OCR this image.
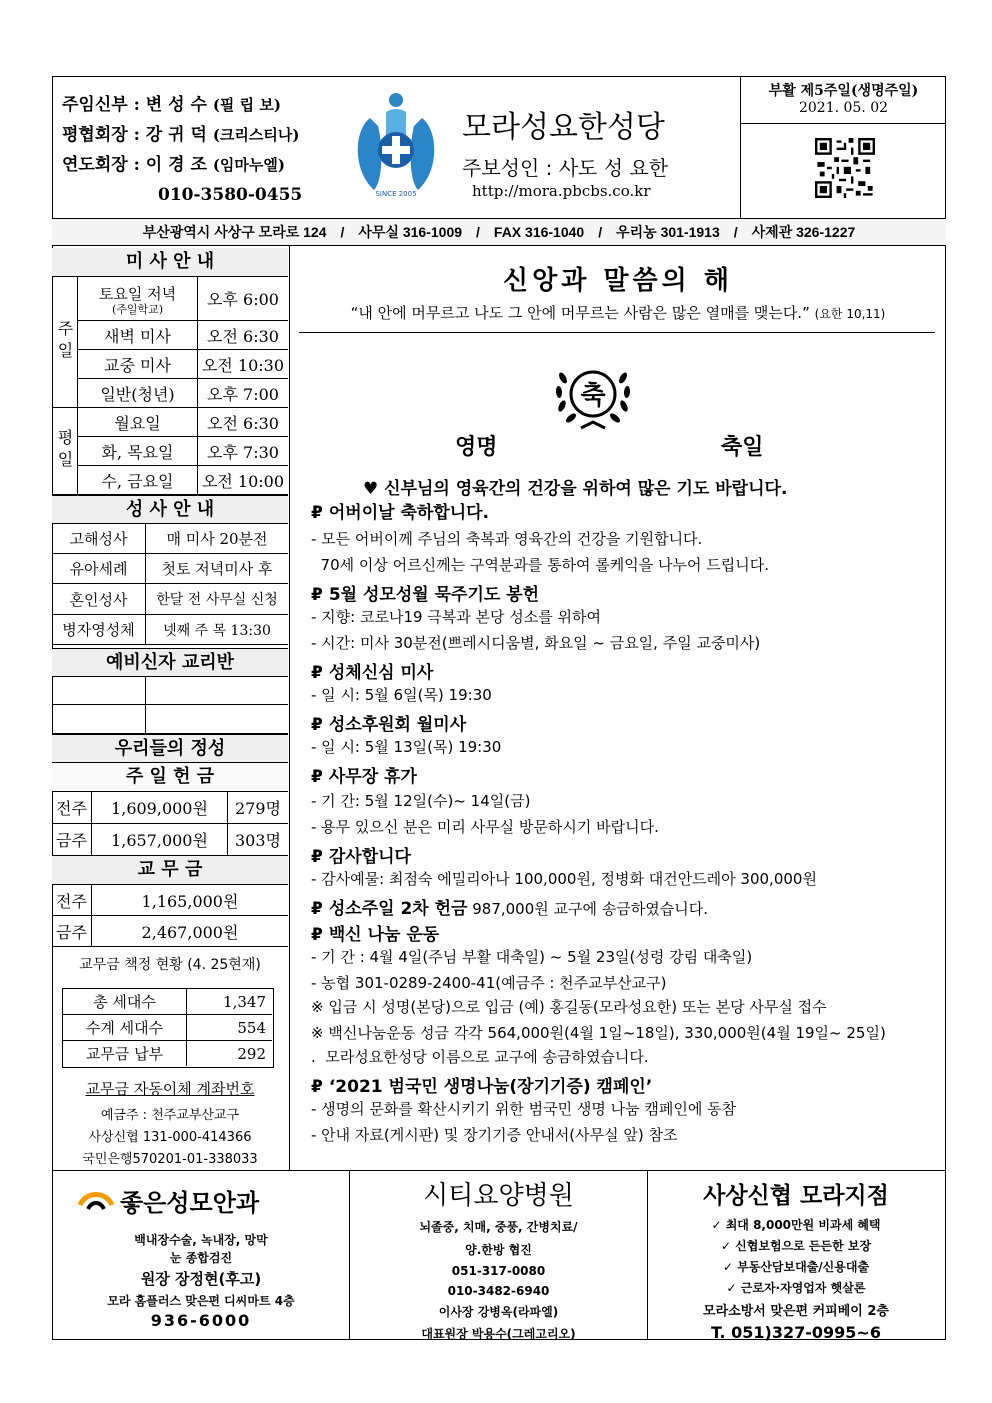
주임신부 : 변 성 수 (필 립 보)
평협회장 : 강 귀 덕 (크리스티나)
연도회장 : 이 경 조 (임마누엘)
010-3580-0455	SINCE 2005
모라성요한성당
주보성인 : 사도 성 요한
http://mora.pbcbs.co.kr
부활 제5주일(생명주일)
2021. 05. 02
부산광역시 사상구 모라로 124	/	사무실 316-1009	/	FAX 316-1040	/	우리농 301-1913	/	사제관 326-1227
미 사 안 내
주일
토요일 저녁
(주일학교)	오후 6:00
새벽 미사	오전 6:30
교중 미사	오전 10:30
일반(청년)	오후 7:00
평일
월요일	오전 6:30
화, 목요일	오후 7:30
수, 금요일	오전 10:00
성 사 안 내
고해성사	매 미사 20분전
유아세례	첫토 저녁미사 후
혼인성사	한달 전 사무실 신청
병자영성체	넷째 주 목 13:30
예비신자 교리반
우리들의 정성
주 일 헌 금
전주	1,609,000원	279명
금주	1,657,000원	303명
교 무 금
전주	1,165,000원
금주	2,467,000원
교무금 책정 현황 (4. 25현재)
총 세대수	1,347
수계 세대수	554
교무금 납부	292
교무금 자동이체 계좌번호
예금주 : 천주교부산교구
사상신협 131-000-414366
국민은행570201-01-338033
신앙과 말씀의 해
“내 안에 머무르고 나도 그 안에 머무르는 사람은 많은 열매를 맺는다.” (요한 10,11)
축
영명	축일
♥ 신부님의 영육간의 건강을 위하여 많은 기도 바랍니다.
₽ 어버이날 축하합니다.
- 모든 어버이께 주님의 축복과 영육간의 건강을 기원합니다.
70세 이상 어르신께는 구역분과를 통하여 롤케익을 나누어 드립니다.
₽ 5월 성모성월 묵주기도 봉헌
- 지향: 코로나19 극복과 본당 성소를 위하여
- 시간: 미사 30분전(쁘레시디움별, 화요일 ~ 금요일, 주일 교중미사)
₽ 성체신심 미사
- 일 시: 5월 6일(목) 19:30
₽ 성소후원회 월미사
- 일 시: 5월 13일(목) 19:30
₽ 사무장 휴가
- 기 간: 5월 12일(수)~ 14일(금)
- 용무 있으신 분은 미리 사무실 방문하시기 바랍니다.
₽ 감사합니다
- 감사예물: 최점숙 에밀리아나 100,000원, 정병화 대건안드레아 300,000원
₽ 성소주일 2차 헌금 987,000원 교구에 송금하였습니다.
₽ 백신 나눔 운동
- 기 간 : 4월 4일(주님 부활 대축일) ~ 5월 23일(성령 강림 대축일)
- 농협 301-0289-2400-41(예금주 : 천주교부산교구)
※ 입금 시 성명(본당)으로 입금 (예) 홍길동(모라성요한) 또는 본당 사무실 접수
※ 백신나눔운동 성금 각각 564,000원(4월 1일~18일), 330,000원(4월 19일~ 25일)
.  모라성요한성당 이름으로 교구에 송금하였습니다.
₽ ‘2021 범국민 생명나눔(장기기증) 캠페인’
- 생명의 문화를 확산시키기 위한 범국민 생명 나눔 캠페인에 동참
- 안내 자료(게시판) 및 장기기증 안내서(사무실 앞) 참조
좋은성모안과

백내장수술, 녹내장, 망막

눈 종합검진

원장 장정현(후고)

모라 홈플러스 맞은편 디씨마트 4층

936-6000

시티요양병원

뇌졸중, 치매, 중풍, 간병치료/

양.한방 협진

051-317-0080

010-3482-6940

이사장 강병옥(라파엘)

대표원장 박용수(그레고리오)

사상신협 모라지점

✓ 최대 8,000만원 비과세 혜택

✓ 신협보험으로 든든한 보장

✓ 부동산담보대출/신용대출

✓ 근로자·자영업자 햇살론

모라소방서 맞은편 커피베이 2층

T. 051)327-0995~6
